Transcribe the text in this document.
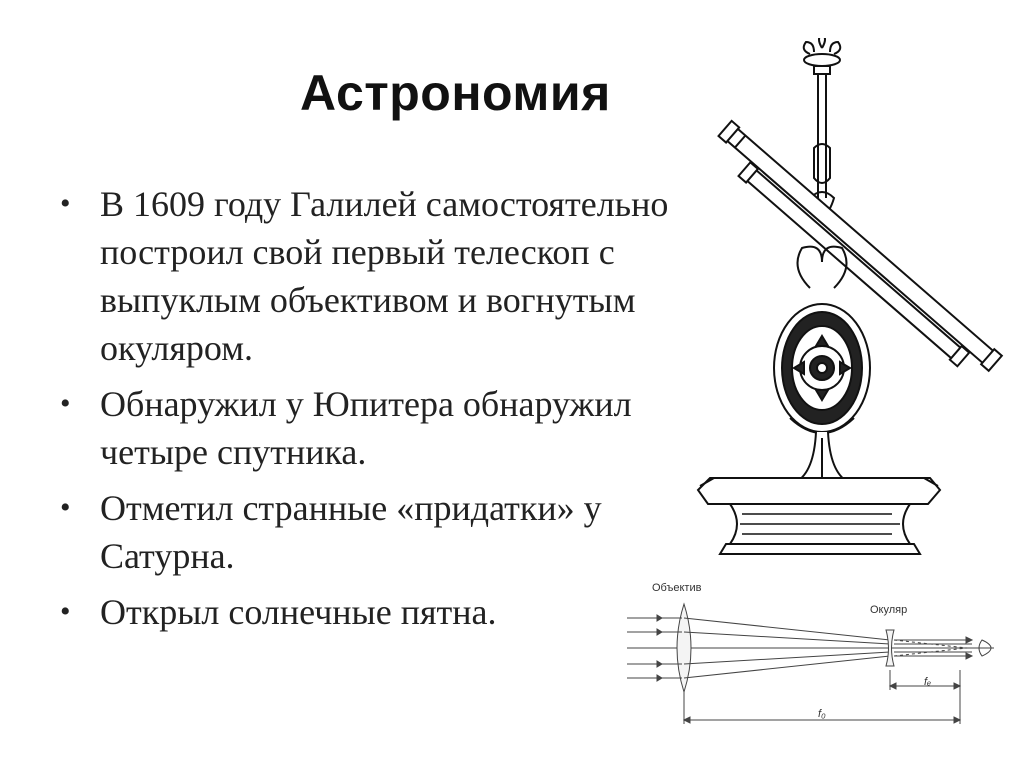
Астрономия
• В 1609 году Галилей самостоятельно построил свой первый телескоп с выпуклым объективом и вогнутым окуляром.
• Обнаружил у Юпитера обнаружил четыре спутника.
• Отметил странные «придатки» у Сатурна.
• Открыл солнечные пятна.
Объектив
Окуляр
fₑ
f₀
